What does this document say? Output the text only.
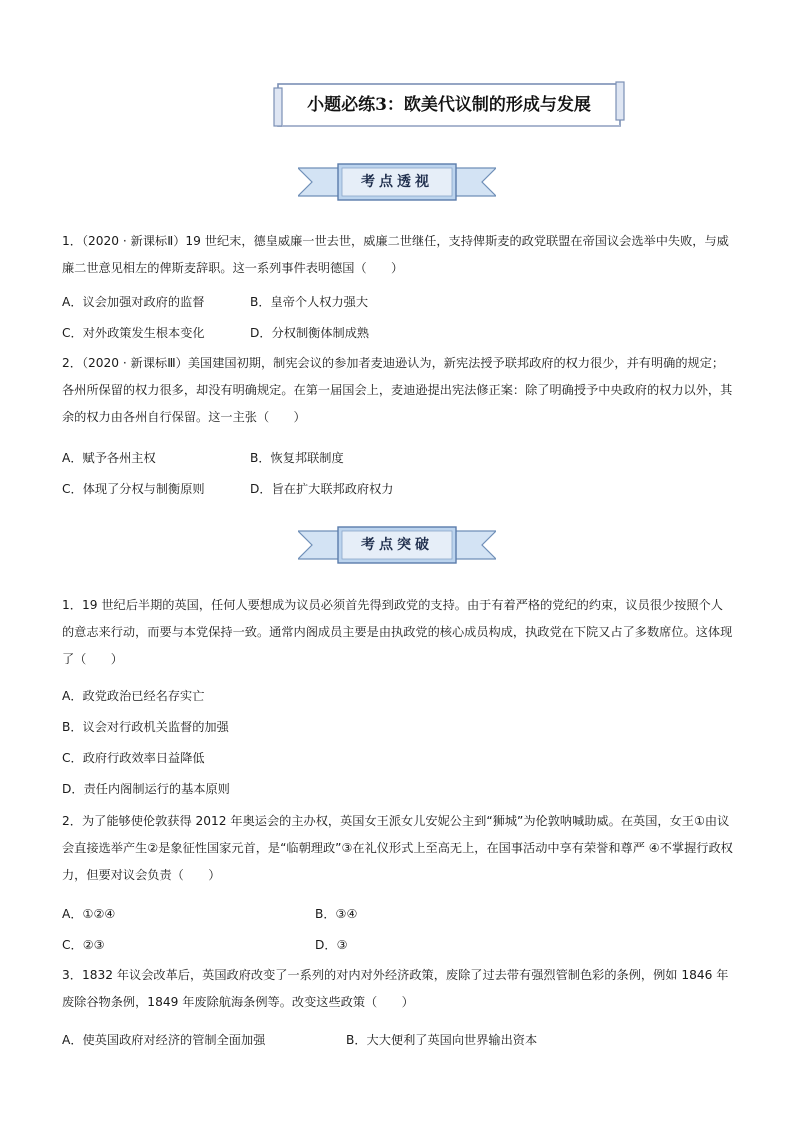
小题必练3：欧美代议制的形成与发展
考点透视

1．（2020 · 新课标Ⅱ）19 世纪末，德皇威廉一世去世，威廉二世继任，支持俾斯麦的政党联盟在帝国议会选举中失败，与威廉二世意见相左的俾斯麦辞职。这一系列事件表明德国（　　）

A．议会加强对政府的监督	B．皇帝个人权力强大
C．对外政策发生根本变化	D．分权制衡体制成熟

2．（2020 · 新课标Ⅲ）美国建国初期，制宪会议的参加者麦迪逊认为，新宪法授予联邦政府的权力很少，并有明确的规定；各州所保留的权力很多，却没有明确规定。在第一届国会上，麦迪逊提出宪法修正案：除了明确授予中央政府的权力以外，其余的权力由各州自行保留。这一主张（　　）

A．赋予各州主权	B．恢复邦联制度
C．体现了分权与制衡原则	D．旨在扩大联邦政府权力
考点突破

1．19 世纪后半期的英国，任何人要想成为议员必须首先得到政党的支持。由于有着严格的党纪的约束，议员很少按照个人的意志来行动，而要与本党保持一致。通常内阁成员主要是由执政党的核心成员构成，执政党在下院又占了多数席位。这体现了（　　）

A．政党政治已经名存实亡
B．议会对行政机关监督的加强
C．政府行政效率日益降低
D．责任内阁制运行的基本原则

2．为了能够使伦敦获得 2012 年奥运会的主办权，英国女王派女儿安妮公主到“狮城”为伦敦呐喊助威。在英国，女王①由议会直接选举产生②是象征性国家元首，是“临朝理政”③在礼仪形式上至高无上，在国事活动中享有荣誉和尊严 ④不掌握行政权力，但要对议会负责（　　）

A．①②④	B．③④
C．②③	D．③

3．1832 年议会改革后，英国政府改变了一系列的对内对外经济政策，废除了过去带有强烈管制色彩的条例，例如 1846 年废除谷物条例，1849 年废除航海条例等。改变这些政策（　　）

A．使英国政府对经济的管制全面加强	B．大大便利了英国向世界输出资本
